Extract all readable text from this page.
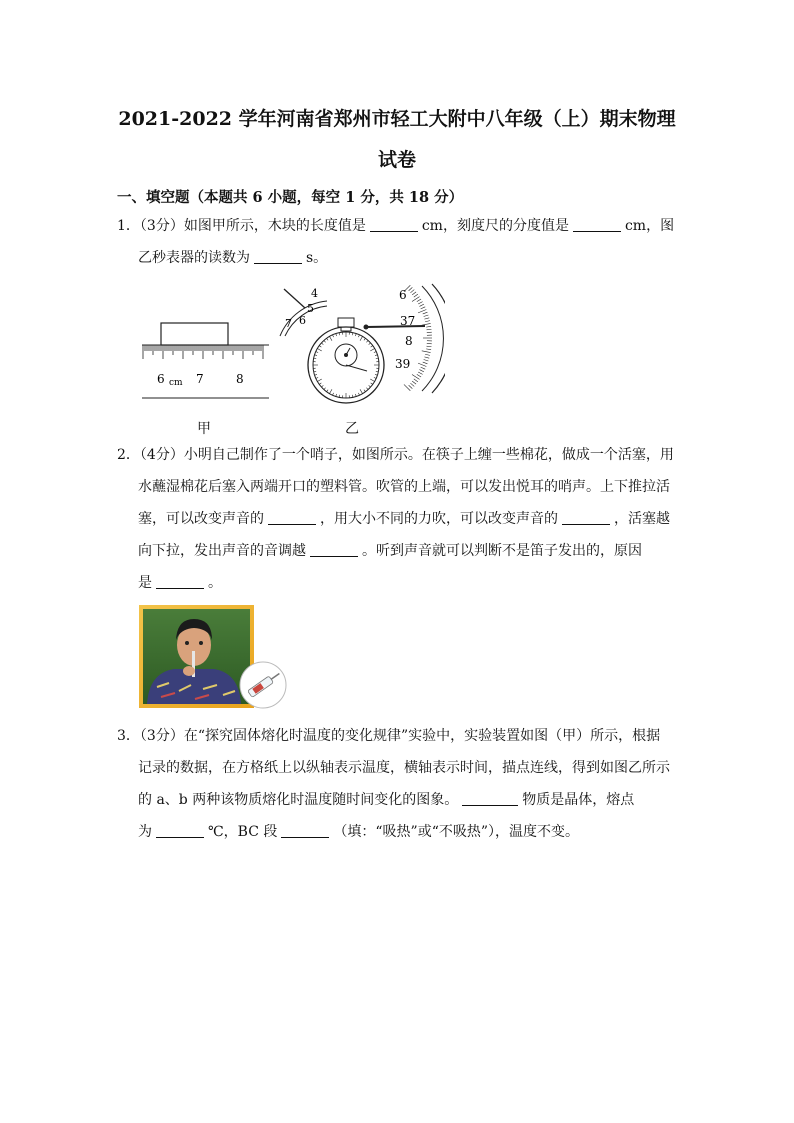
2021-2022 学年河南省郑州市轻工大附中八年级（上）期末物理
试卷
一、填空题（本题共 6 小题，每空 1 分，共 18 分）
1．（3分）如图甲所示，木块的长度值是	cm，刻度尺的分度值是	cm，图
乙秒表器的读数为	s。
6 cm 7	8
4
5
6
7
6
37
8
39
甲	乙
2．（4分）小明自己制作了一个哨子，如图所示。在筷子上缠一些棉花，做成一个活塞，用
水蘸湿棉花后塞入两端开口的塑料管。吹管的上端，可以发出悦耳的哨声。上下推拉活
塞，可以改变声音的	，用大小不同的力吹，可以改变声音的	，活塞越
向下拉，发出声音的音调越	。听到声音就可以判断不是笛子发出的，原因
是	。
3．（3分）在“探究固体熔化时温度的变化规律”实验中，实验装置如图（甲）所示，根据
记录的数据，在方格纸上以纵轴表示温度，横轴表示时间，描点连线，得到如图乙所示
的 a、b 两种该物质熔化时温度随时间变化的图象。	物质是晶体，熔点
为	℃，BC 段	（填：“吸热”或“不吸热”），温度不变。
